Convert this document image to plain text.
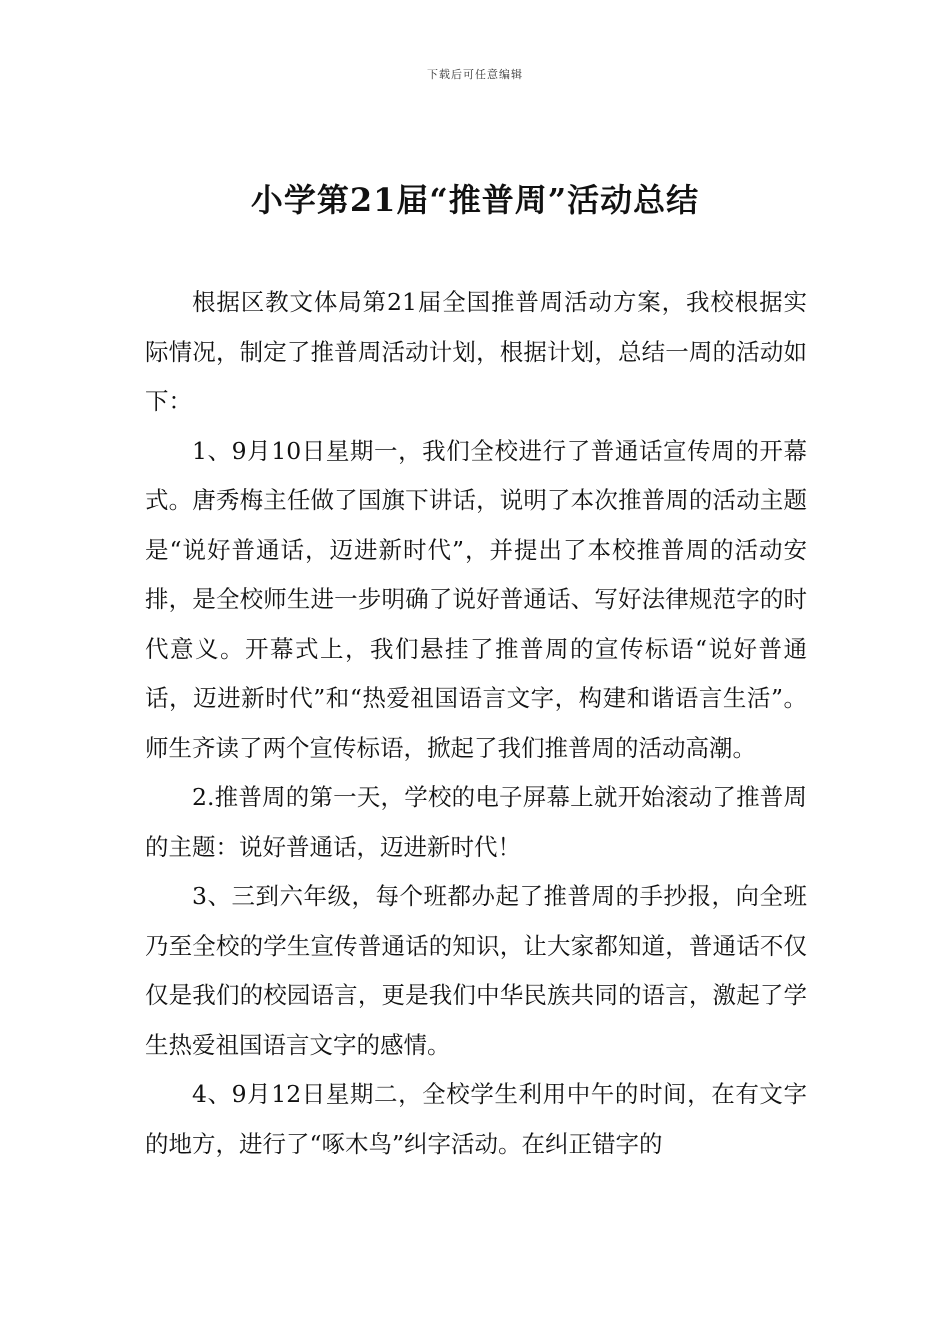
下载后可任意编辑
小学第21届“推普周”活动总结

根据区教文体局第21届全国推普周活动方案，我校根据实际情况，制定了推普周活动计划，根据计划，总结一周的活动如下：

1、9月10日星期一，我们全校进行了普通话宣传周的开幕式。唐秀梅主任做了国旗下讲话，说明了本次推普周的活动主题是“说好普通话，迈进新时代”，并提出了本校推普周的活动安排，是全校师生进一步明确了说好普通话、写好法律规范字的时代意义。开幕式上，我们悬挂了推普周的宣传标语“说好普通话，迈进新时代”和“热爱祖国语言文字，构建和谐语言生活”。师生齐读了两个宣传标语，掀起了我们推普周的活动高潮。

2.推普周的第一天，学校的电子屏幕上就开始滚动了推普周的主题：说好普通话，迈进新时代！

3、三到六年级，每个班都办起了推普周的手抄报，向全班乃至全校的学生宣传普通话的知识，让大家都知道，普通话不仅仅是我们的校园语言，更是我们中华民族共同的语言，激起了学生热爱祖国语言文字的感情。

4、9月12日星期二，全校学生利用中午的时间，在有文字的地方，进行了“啄木鸟”纠字活动。在纠正错字的
